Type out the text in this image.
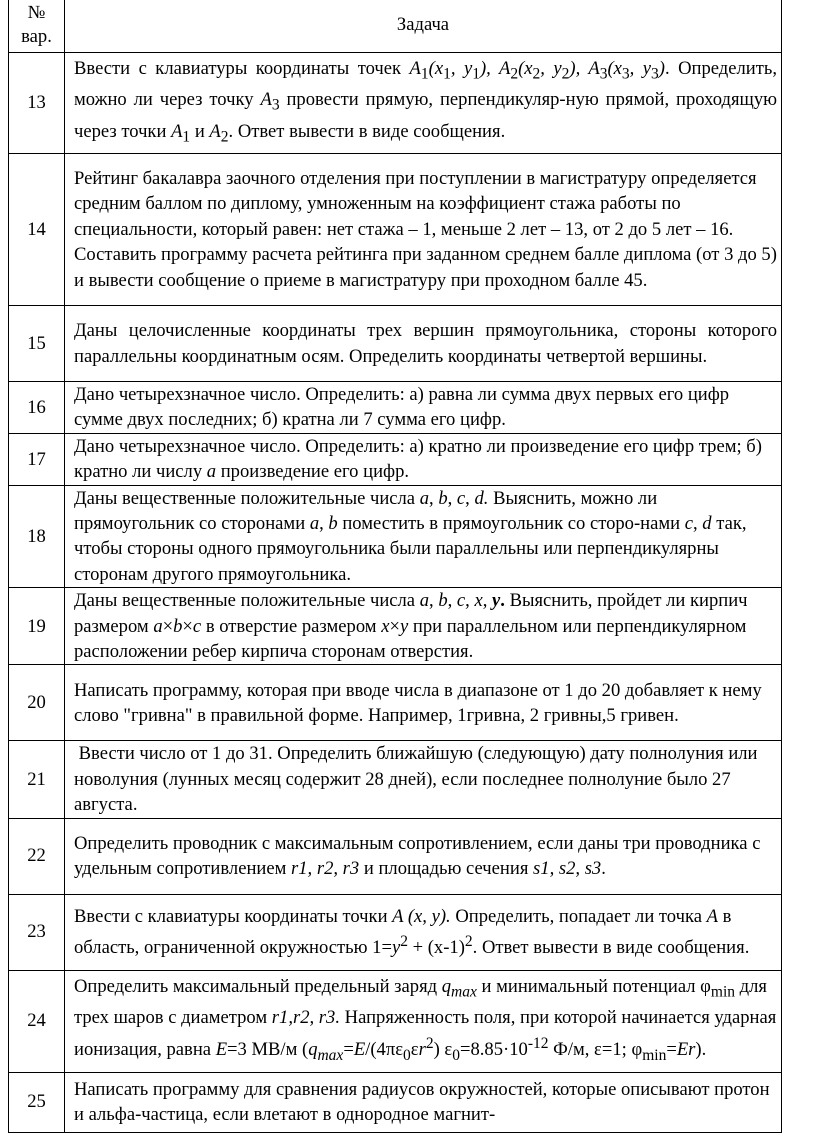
№
вар.	Задача
13	Ввести с клавиатуры координаты точек $A_1(x_1$, $y_1$), $A_2(x_2$, $y_2$), $A_3(x_3$, $y_3$). Определить, можно ли через точку $A_3$ провести прямую, перпендикуляр-ную прямой, проходящую через точки $A_1$ и $A_2$. Ответ вывести в виде сообщения.
14	Рейтинг бакалавра заочного отделения при поступлении в магистратуру определяется средним баллом по диплому, умноженным на коэффициент стажа работы по специальности, который равен: нет стажа – 1, меньше 2 лет – 13, от 2 до 5 лет – 16. Составить программу расчета рейтинга при заданном среднем балле диплома (от 3 до 5) и вывести сообщение о приеме в магистратуру при проходном балле 45.
15	Даны целочисленные координаты трех вершин прямоугольника, стороны которого параллельны координатным осям. Определить координаты четвертой вершины.
16	Дано четырехзначное число. Определить: а) равна ли сумма двух первых его цифр сумме двух последних; б) кратна ли 7 сумма его цифр.
17	Дано четырехзначное число. Определить: а) кратно ли произведение его цифр трем; б) кратно ли числу а произведение его цифр.
18	Даны вещественные положительные числа a, b, c, d. Выяснить, можно ли прямоугольник со сторонами a, b поместить в прямоугольник со сторо-нами c, d так, чтобы стороны одного прямоугольника были параллельны или перпендикулярны сторонам другого прямоугольника.
19	Даны вещественные положительные числа a, b, c, x, y. Выяснить, пройдет ли кирпич размером a×b×c в отверстие размером x×y при параллельном или перпендикулярном расположении ребер кирпича сторонам отверстия.
20	Написать программу, которая при вводе числа в диапазоне от 1 до 20 добавляет к нему слово "гривна" в правильной форме. Например, 1гривна, 2 гривны,5 гривен.
21	Ввести число от 1 до 31. Определить ближайшую (следующую) дату полнолуния или новолуния (лунных месяц содержит 28 дней), если последнее полнолуние было 27 августа.
22	Определить проводник с максимальным сопротивлением, если даны три проводника с удельным сопротивлением r1, r2, r3 и площадью сечения s1, s2, s3.
23	Ввести с клавиатуры координаты точки A (x, y). Определить, попадает ли точка A в область, ограниченной окружностью $1=y^2 + (x-1)^2$. Ответ вывести в виде сообщения.
24	Определить максимальный предельный заряд $q_{max}$ и минимальный потенциал $\varphi_{min}$ для трех шаров с диаметром r1,r2, r3. Напряженность поля, при которой начинается ударная ионизация, равна E=3 МВ/м ($q_{max}=E/(4\pi\varepsilon_0\varepsilon r^2)$ $\varepsilon_0=8.85\cdot 10^{-12}$ Ф/м, ε=1; $\varphi_{min}=Er$).
25	Написать программу для сравнения радиусов окружностей, которые описывают протон и альфа-частица, если влетают в однородное магнит-
